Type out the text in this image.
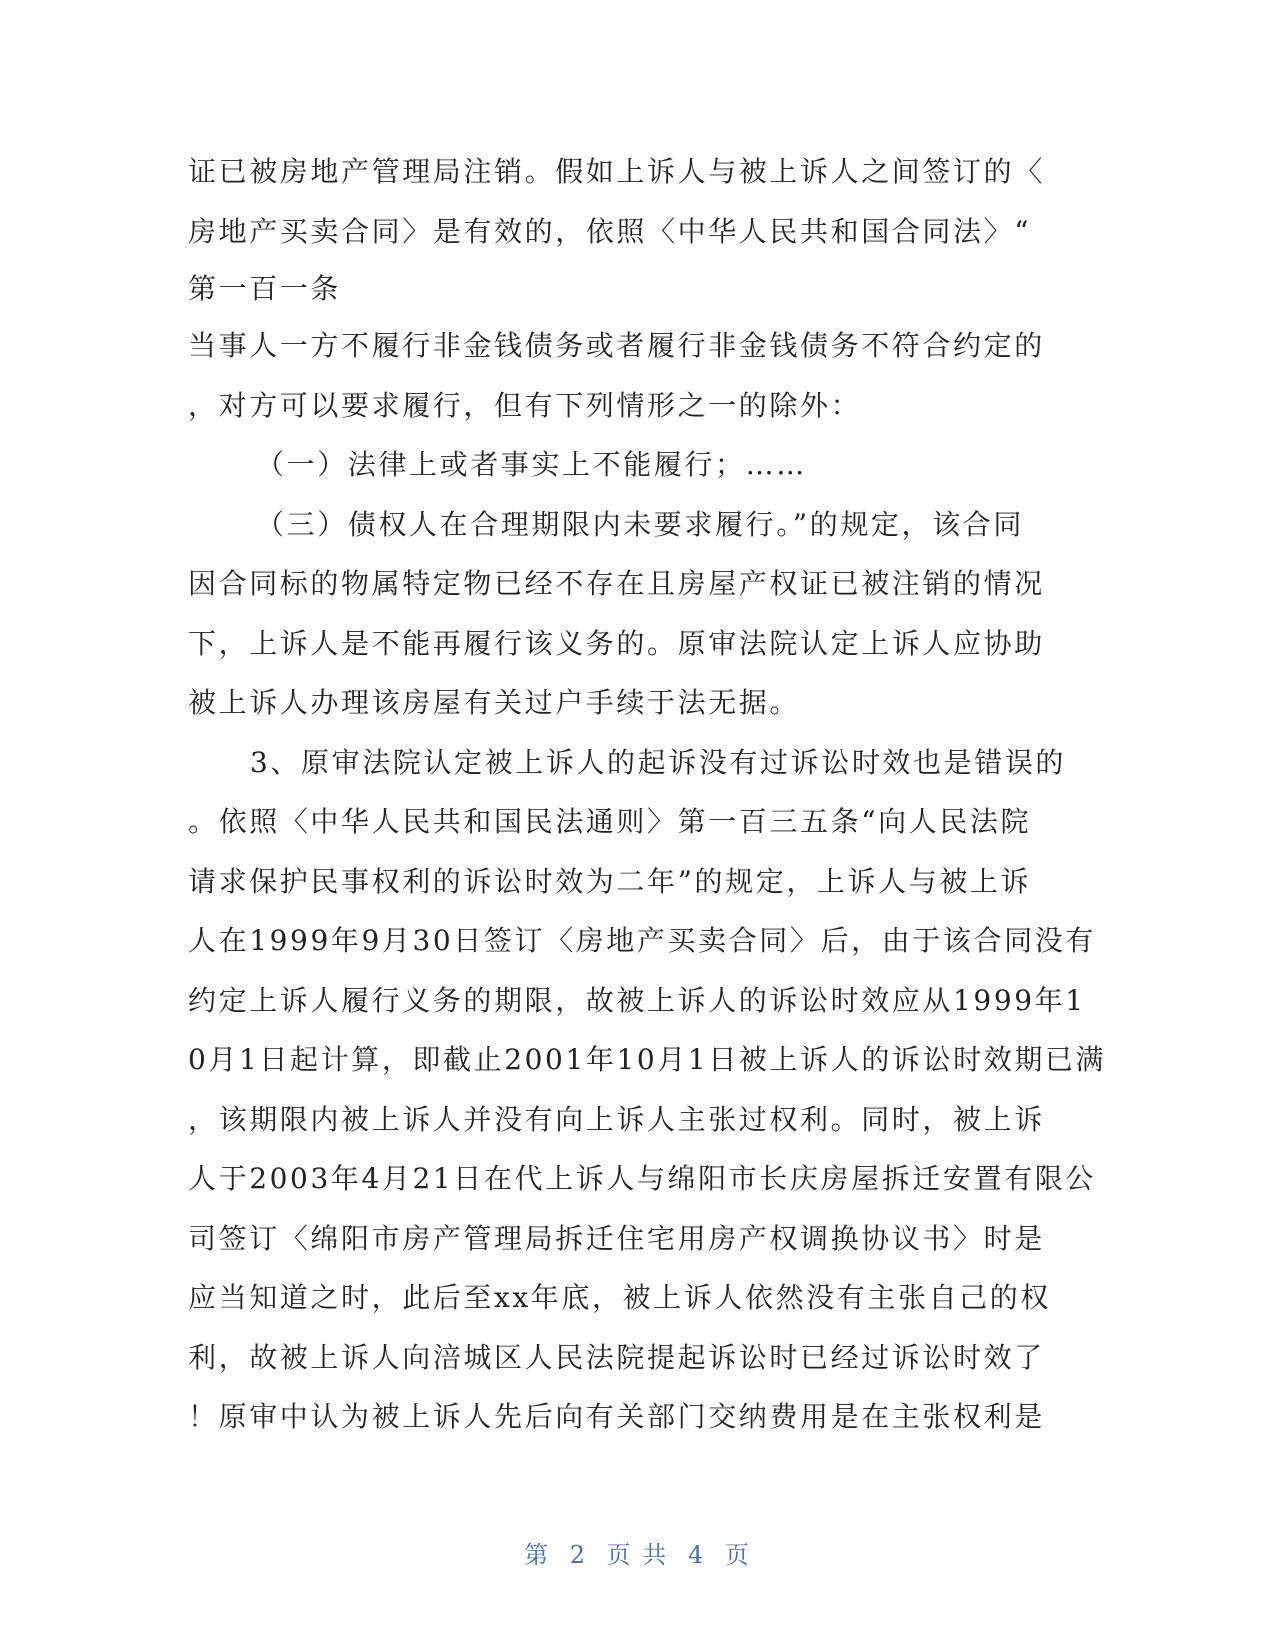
证已被房地产管理局注销。假如上诉人与被上诉人之间签订的〈
房地产买卖合同〉是有效的，依照〈中华人民共和国合同法〉“
第一百一条
当事人一方不履行非金钱债务或者履行非金钱债务不符合约定的
，对方可以要求履行，但有下列情形之一的除外：
（一）法律上或者事实上不能履行；……
（三）债权人在合理期限内未要求履行。”的规定，该合同
因合同标的物属特定物已经不存在且房屋产权证已被注销的情况
下，上诉人是不能再履行该义务的。原审法院认定上诉人应协助
被上诉人办理该房屋有关过户手续于法无据。
3、原审法院认定被上诉人的起诉没有过诉讼时效也是错误的
。依照〈中华人民共和国民法通则〉第一百三五条“向人民法院
请求保护民事权利的诉讼时效为二年”的规定，上诉人与被上诉
人在1999年9月30日签订〈房地产买卖合同〉后，由于该合同没有
约定上诉人履行义务的期限，故被上诉人的诉讼时效应从1999年1
0月1日起计算，即截止2001年10月1日被上诉人的诉讼时效期已满
，该期限内被上诉人并没有向上诉人主张过权利。同时，被上诉
人于2003年4月21日在代上诉人与绵阳市长庆房屋拆迁安置有限公
司签订〈绵阳市房产管理局拆迁住宅用房产权调换协议书〉时是
应当知道之时，此后至xx年底，被上诉人依然没有主张自己的权
利，故被上诉人向涪城区人民法院提起诉讼时已经过诉讼时效了
！原审中认为被上诉人先后向有关部门交纳费用是在主张权利是
第 2 页 共 4 页
